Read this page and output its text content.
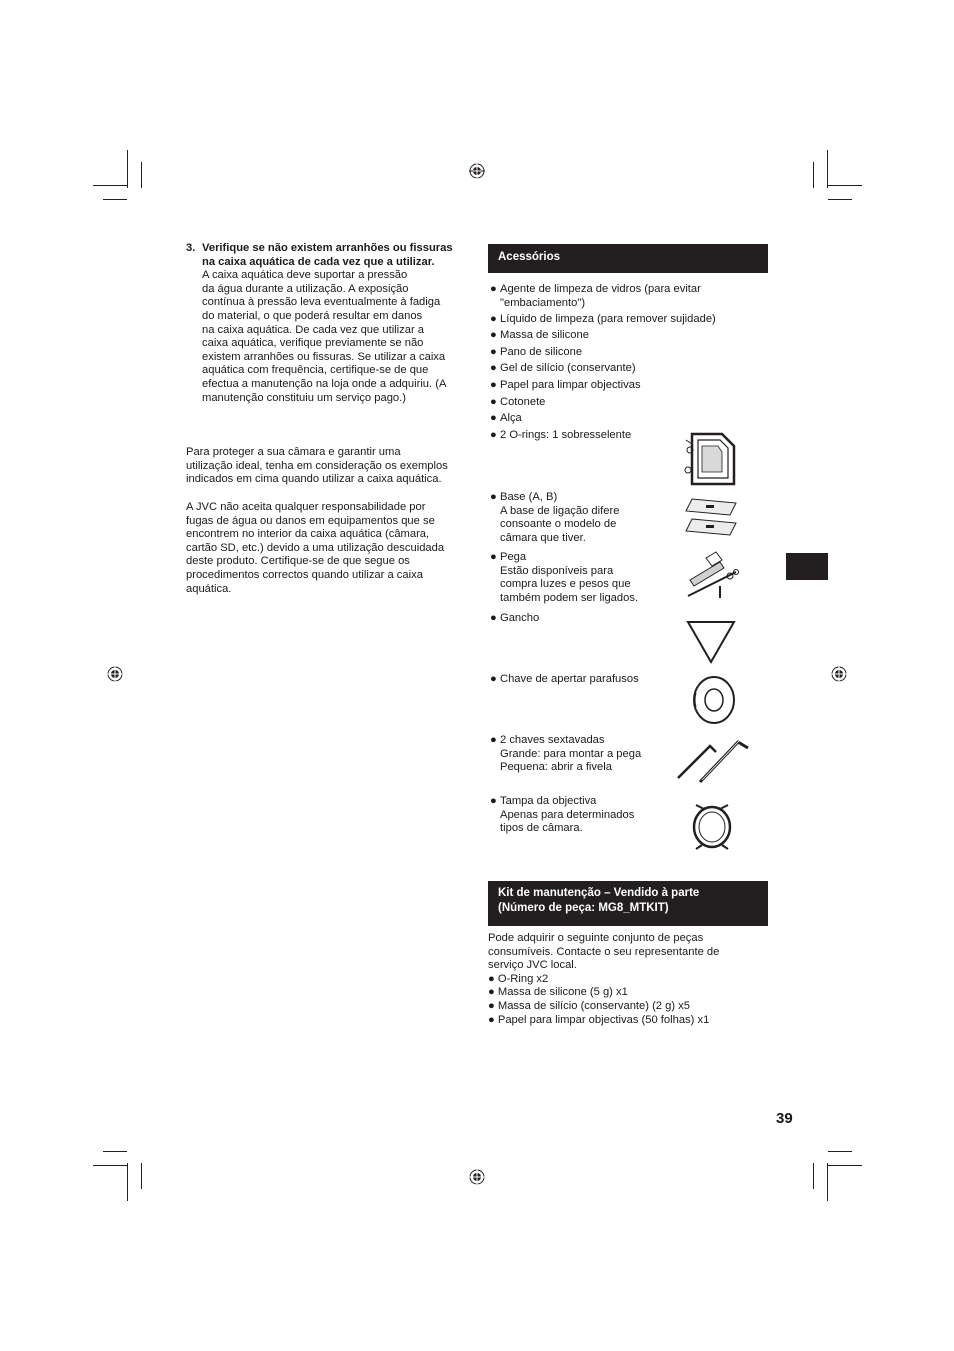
3. Verifique se não existem arranhões ou fissuras na caixa aquática de cada vez que a utilizar.

A caixa aquática deve suportar a pressão

da água durante a utilização. A exposição

contínua à pressão leva eventualmente à fadiga

do material, o que poderá resultar em danos

na caixa aquática. De cada vez que utilizar a

caixa aquática, verifique previamente se não

existem arranhões ou fissuras. Se utilizar a caixa

aquática com frequência, certifique-se de que

efectua a manutenção na loja onde a adquiriu. (A

manutenção constituiu um serviço pago.)

Para proteger a sua câmara e garantir uma

utilização ideal, tenha em consideração os exemplos

indicados em cima quando utilizar a caixa aquática.

A JVC não aceita qualquer responsabilidade por

fugas de água ou danos em equipamentos que se

encontrem no interior da caixa aquática (câmara,

cartão SD, etc.) devido a uma utilização descuidada

deste produto. Certifique-se de que segue os

procedimentos correctos quando utilizar a caixa

aquática.

Acessórios
● Agente de limpeza de vidros (para evitar

"embaciamento")

● Líquido de limpeza (para remover sujidade)

● Massa de silicone

● Pano de silicone

● Gel de silício (conservante)

● Papel para limpar objectivas

● Cotonete

● Alça

● 2 O-rings: 1 sobresselente

● Base (A, B)

A base de ligação difere

consoante o modelo de

câmara que tiver.

● Pega

Estão disponíveis para

compra luzes e pesos que

também podem ser ligados.

● Gancho

● Chave de apertar parafusos

● 2 chaves sextavadas

Grande: para montar a pega

Pequena: abrir a fivela

● Tampa da objectiva

Apenas para determinados

tipos de câmara.

Kit de manutenção – Vendido à parte
(Número de peça: MG8_MTKIT)

Pode adquirir o seguinte conjunto de peças

consumíveis. Contacte o seu representante de

serviço JVC local.

● O-Ring x2
● Massa de silicone (5 g) x1
● Massa de silício (conservante) (2 g) x5
● Papel para limpar objectivas (50 folhas) x1
39
